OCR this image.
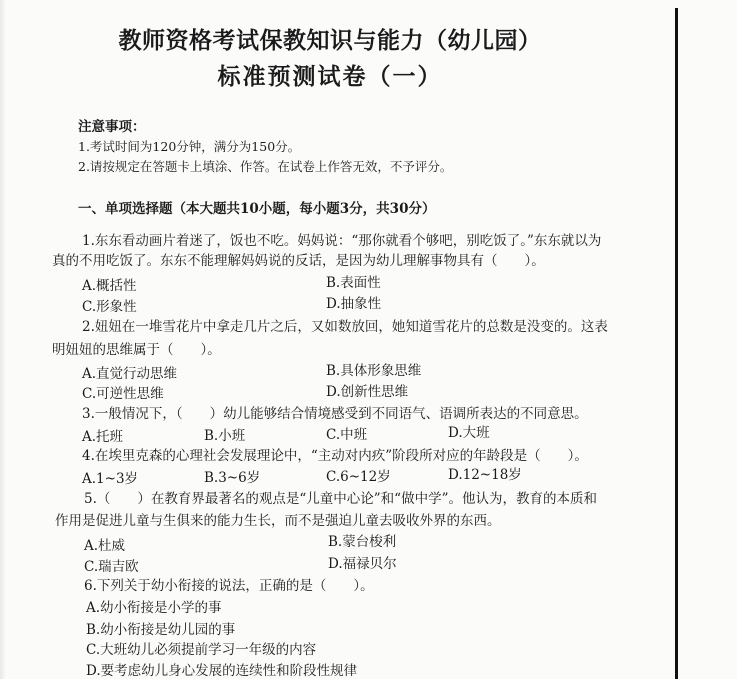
教师资格考试保教知识与能力（幼儿园）
标准预测试卷（一）
注意事项：
1.考试时间为120分钟，满分为150分。
2.请按规定在答题卡上填涂、作答。在试卷上作答无效，不予评分。
一、单项选择题（本大题共10小题，每小题3分，共30分）
1.东东看动画片着迷了，饭也不吃。妈妈说：“那你就看个够吧，别吃饭了。”东东就以为
真的不用吃饭了。东东不能理解妈妈说的反话，是因为幼儿理解事物具有（　　）。
A.概括性	B.表面性
C.形象性	D.抽象性
2.妞妞在一堆雪花片中拿走几片之后，又如数放回，她知道雪花片的总数是没变的。这表
明妞妞的思维属于（　　）。
A.直觉行动思维	B.具体形象思维
C.可逆性思维	D.创新性思维
3.一般情况下，（　　）幼儿能够结合情境感受到不同语气、语调所表达的不同意思。
A.托班	B.小班	C.中班	D.大班
4.在埃里克森的心理社会发展理论中，“主动对内疚”阶段所对应的年龄段是（　　）。
A.1~3岁	B.3~6岁	C.6~12岁	D.12~18岁
5.（　　）在教育界最著名的观点是“儿童中心论”和“做中学”。他认为，教育的本质和
作用是促进儿童与生俱来的能力生长，而不是强迫儿童去吸收外界的东西。
A.杜威	B.蒙台梭利
C.瑞吉欧	D.福禄贝尔
6.下列关于幼小衔接的说法，正确的是（　　）。
A.幼小衔接是小学的事
B.幼小衔接是幼儿园的事
C.大班幼儿必须提前学习一年级的内容
D.要考虑幼儿身心发展的连续性和阶段性规律
